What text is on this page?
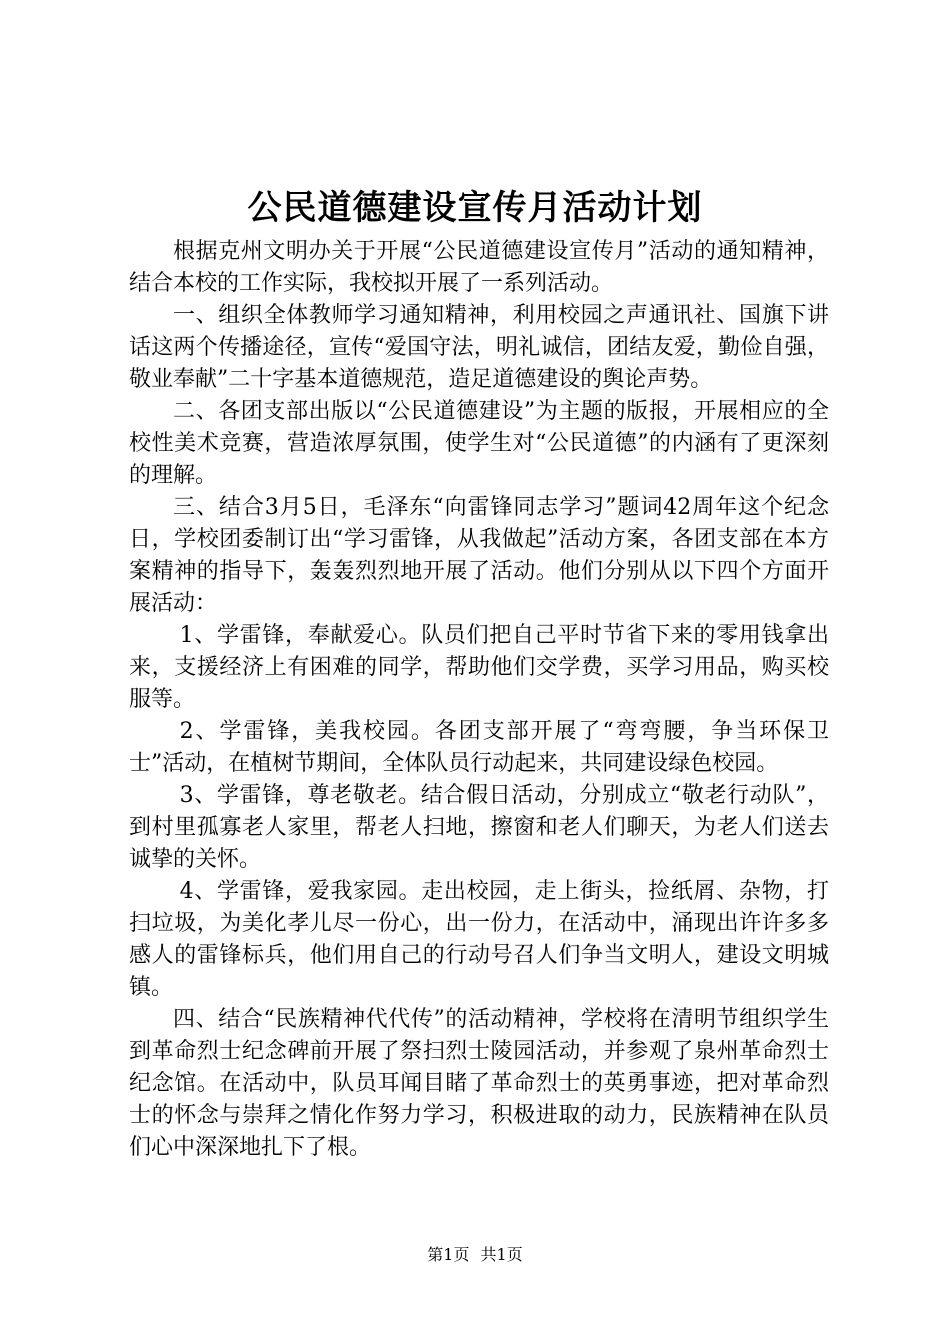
公民道德建设宣传月活动计划

根据克州文明办关于开展“公民道德建设宣传月”活动的通知精神，结合本校的工作实际，我校拟开展了一系列活动。

一、组织全体教师学习通知精神，利用校园之声通讯社、国旗下讲话这两个传播途径，宣传“爱国守法，明礼诚信，团结友爱，勤俭自强，敬业奉献”二十字基本道德规范，造足道德建设的舆论声势。

二、各团支部出版以“公民道德建设”为主题的版报，开展相应的全校性美术竞赛，营造浓厚氛围，使学生对“公民道德”的内涵有了更深刻的理解。

三、结合3月5日，毛泽东“向雷锋同志学习”题词42周年这个纪念日，学校团委制订出“学习雷锋，从我做起”活动方案，各团支部在本方案精神的指导下，轰轰烈烈地开展了活动。他们分别从以下四个方面开展活动：

1、学雷锋，奉献爱心。队员们把自己平时节省下来的零用钱拿出来，支援经济上有困难的同学，帮助他们交学费，买学习用品，购买校服等。

2、学雷锋，美我校园。各团支部开展了“弯弯腰，争当环保卫士”活动，在植树节期间，全体队员行动起来，共同建设绿色校园。

3、学雷锋，尊老敬老。结合假日活动，分别成立“敬老行动队”，到村里孤寡老人家里，帮老人扫地，擦窗和老人们聊天，为老人们送去诚挚的关怀。

4、学雷锋，爱我家园。走出校园，走上街头，捡纸屑、杂物，打扫垃圾，为美化孝儿尽一份心，出一份力，在活动中，涌现出许许多多感人的雷锋标兵，他们用自己的行动号召人们争当文明人，建设文明城镇。

四、结合“民族精神代代传”的活动精神，学校将在清明节组织学生到革命烈士纪念碑前开展了祭扫烈士陵园活动，并参观了泉州革命烈士纪念馆。在活动中，队员耳闻目睹了革命烈士的英勇事迹，把对革命烈士的怀念与崇拜之情化作努力学习，积极进取的动力，民族精神在队员们心中深深地扎下了根。

第1页 共1页
